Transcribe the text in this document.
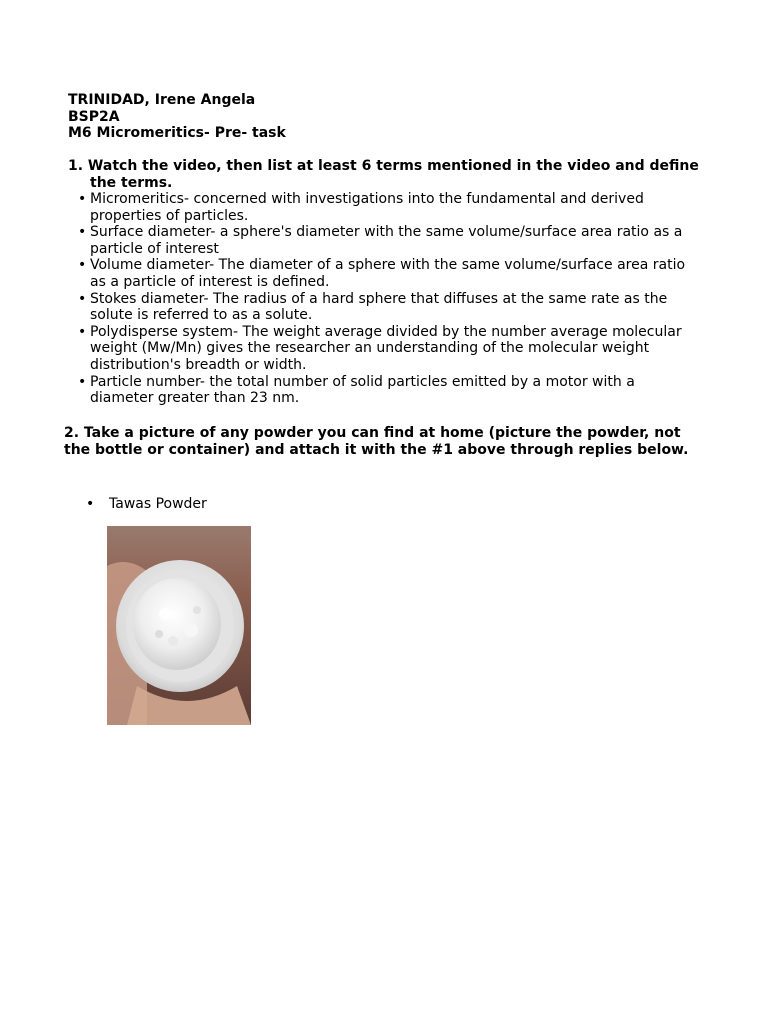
TRINIDAD, Irene Angela
BSP2A
M6 Micromeritics- Pre- task
1. Watch the video, then list at least 6 terms mentioned in the video and define the terms.
• Micromeritics- concerned with investigations into the fundamental and derived properties of particles.
• Surface diameter- a sphere's diameter with the same volume/surface area ratio as a particle of interest
• Volume diameter- The diameter of a sphere with the same volume/surface area ratio as a particle of interest is defined.
• Stokes diameter- The radius of a hard sphere that diffuses at the same rate as the solute is referred to as a solute.
• Polydisperse system- The weight average divided by the number average molecular weight (Mw/Mn) gives the researcher an understanding of the molecular weight distribution's breadth or width.
• Particle number- the total number of solid particles emitted by a motor with a diameter greater than 23 nm.
2. Take a picture of any powder you can find at home (picture the powder, not the bottle or container) and attach it with the #1 above through replies below.
• Tawas Powder
